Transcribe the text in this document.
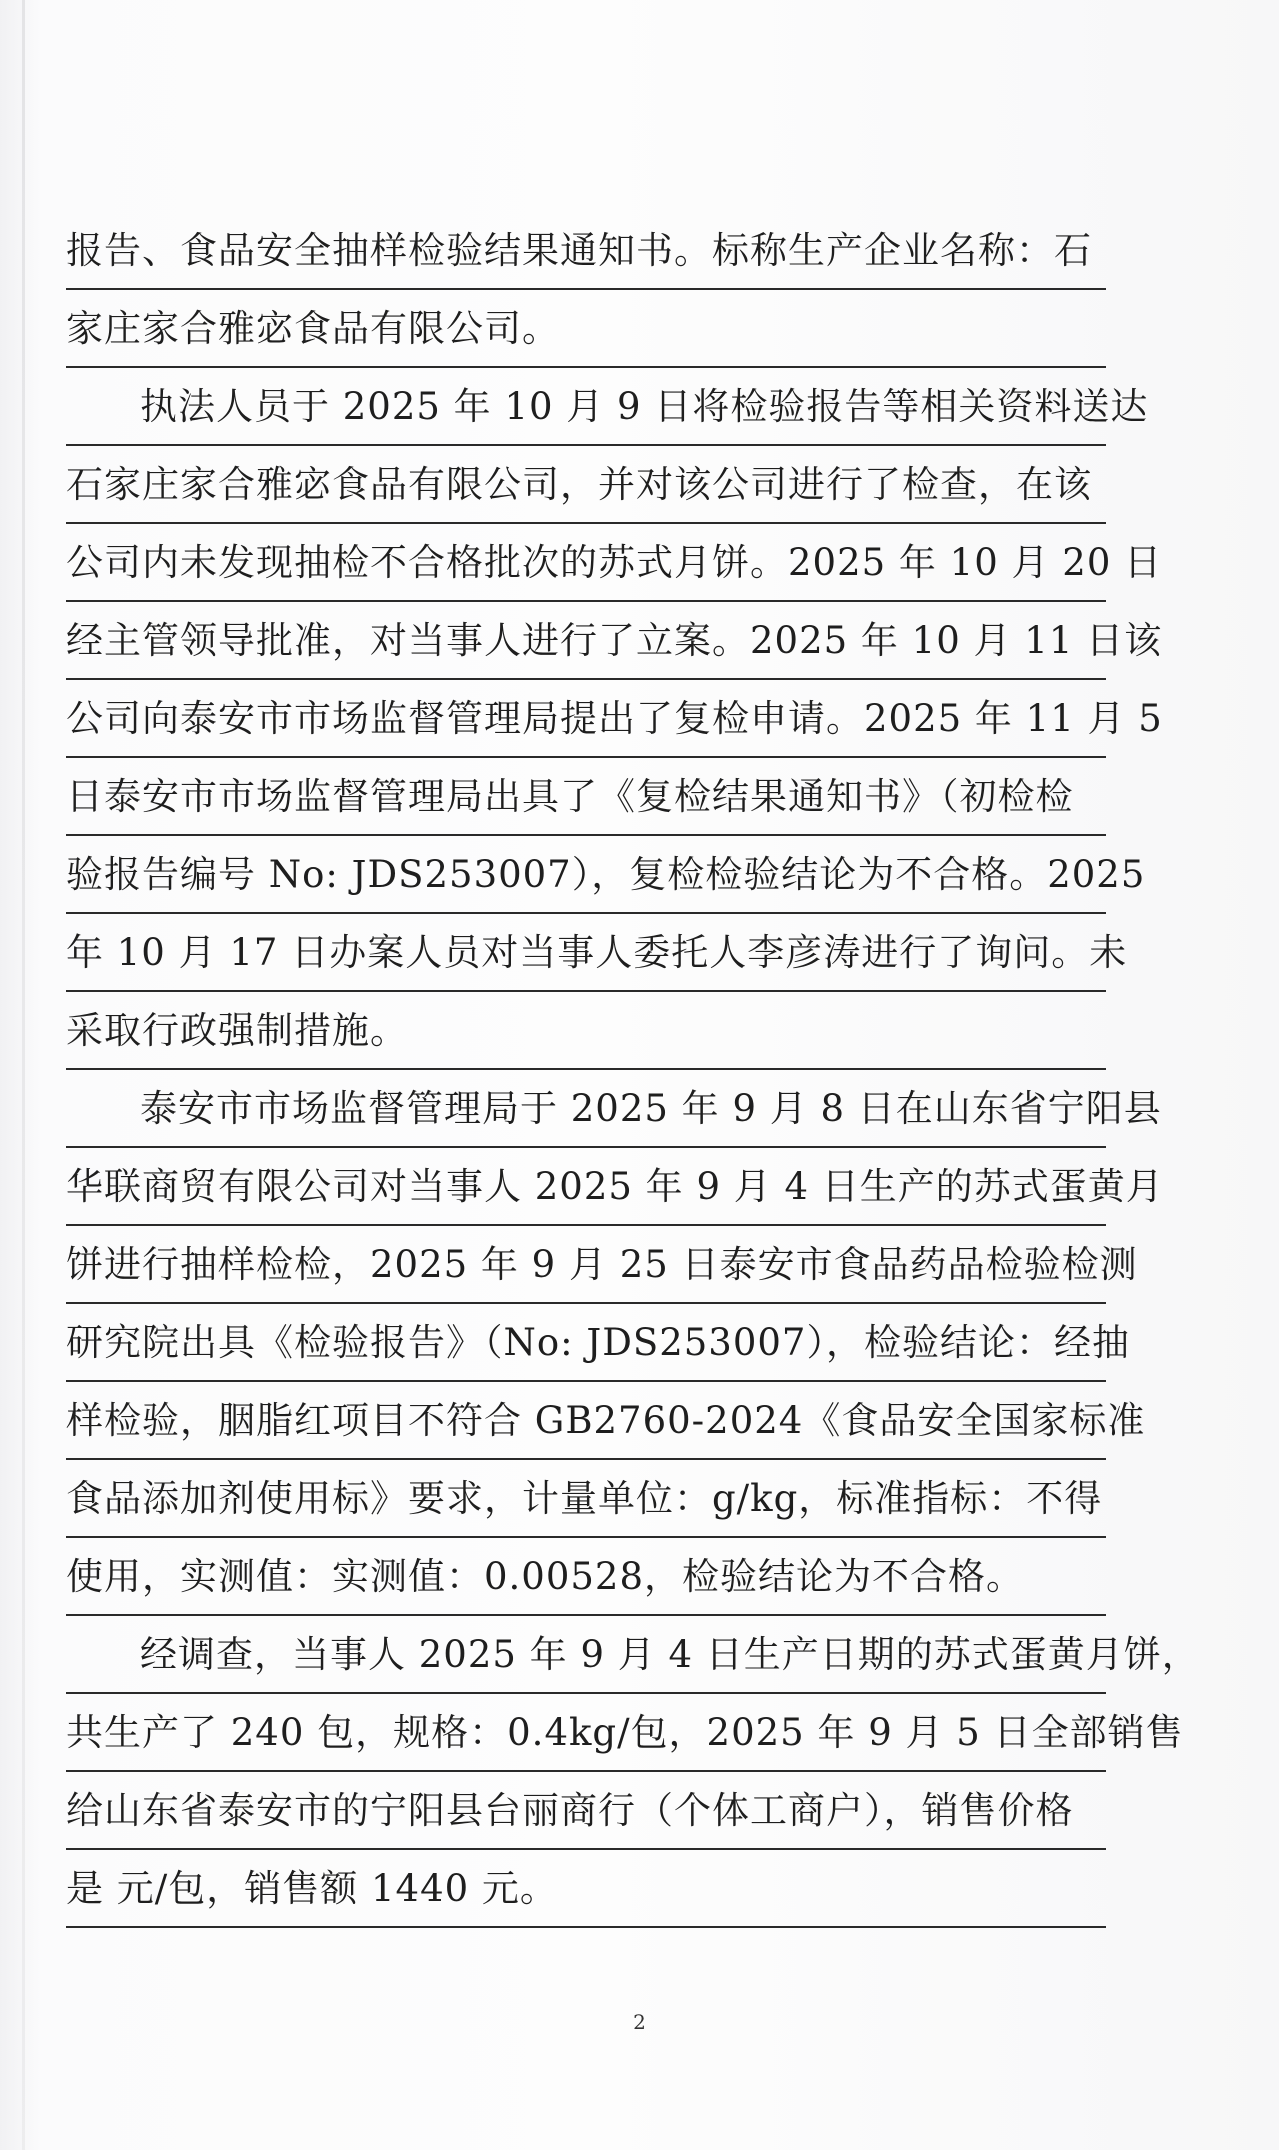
报告、食品安全抽样检验结果通知书。标称生产企业名称：石
家庄家合雅宓食品有限公司。
执法人员于 2025 年 10 月 9 日将检验报告等相关资料送达
石家庄家合雅宓食品有限公司，并对该公司进行了检查，在该
公司内未发现抽检不合格批次的苏式月饼。2025 年 10 月 20 日
经主管领导批准，对当事人进行了立案。2025 年 10 月 11 日该
公司向泰安市市场监督管理局提出了复检申请。2025 年 11 月 5
日泰安市市场监督管理局出具了《复检结果通知书》（初检检
验报告编号 No: JDS253007），复检检验结论为不合格。2025
年 10 月 17 日办案人员对当事人委托人李彦涛进行了询问。未
采取行政强制措施。
泰安市市场监督管理局于 2025 年 9 月 8 日在山东省宁阳县
华联商贸有限公司对当事人 2025 年 9 月 4 日生产的苏式蛋黄月
饼进行抽样检检，2025 年 9 月 25 日泰安市食品药品检验检测
研究院出具《检验报告》（No: JDS253007），检验结论：经抽
样检验，胭脂红项目不符合 GB2760-2024《食品安全国家标准
食品添加剂使用标》要求，计量单位：g/kg，标准指标：不得
使用，实测值：实测值：0.00528，检验结论为不合格。
经调查，当事人 2025 年 9 月 4 日生产日期的苏式蛋黄月饼，
共生产了 240 包，规格：0.4kg/包，2025 年 9 月 5 日全部销售
给山东省泰安市的宁阳县台丽商行（个体工商户），销售价格
是 元/包，销售额 1440 元。
2
